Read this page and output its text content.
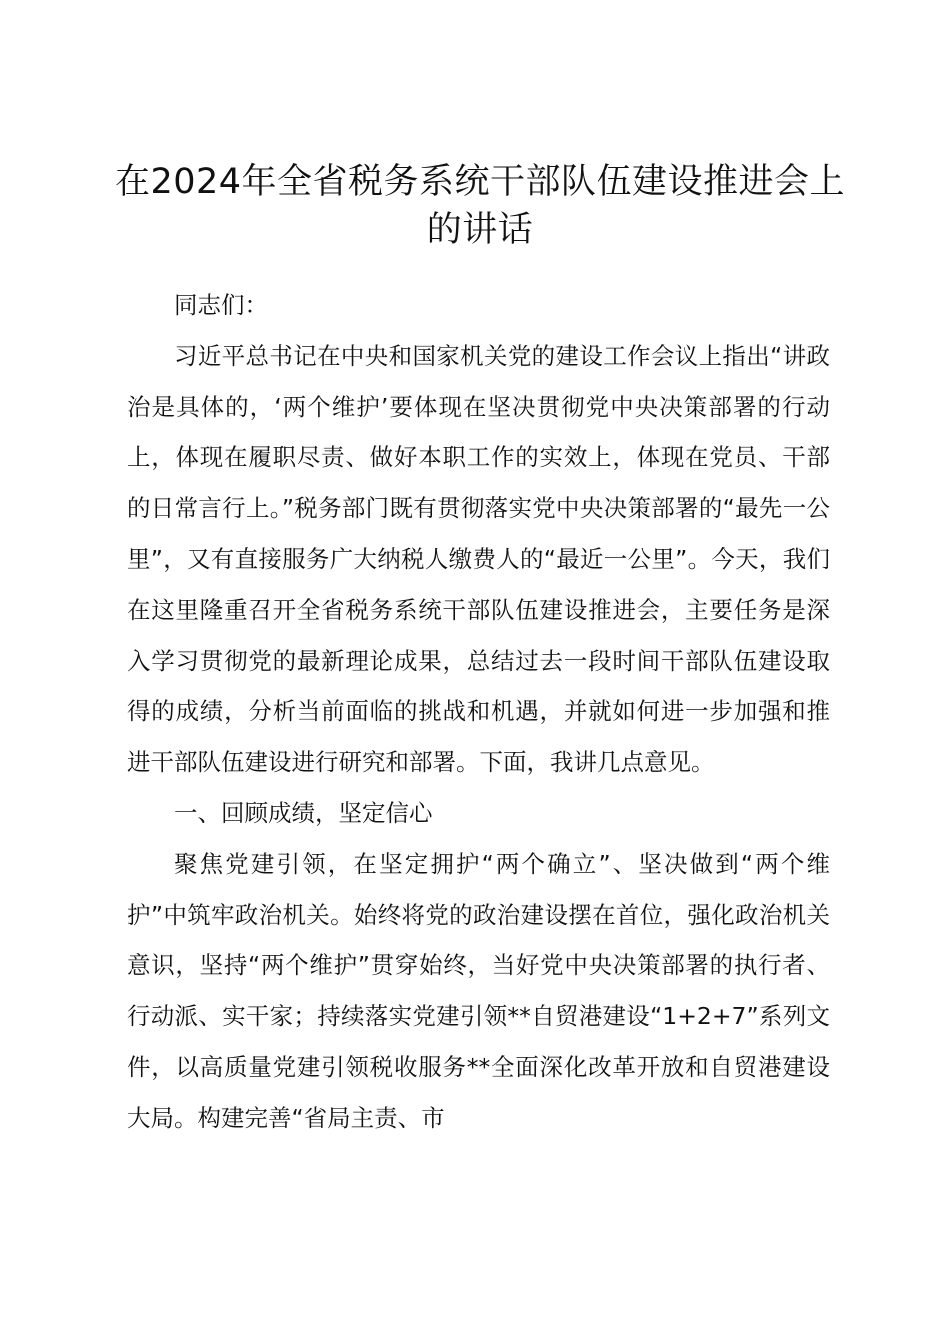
在2024年全省税务系统干部队伍建设推进会上的讲话

同志们：

习近平总书记在中央和国家机关党的建设工作会议上指出“讲政治是具体的，‘两个维护’要体现在坚决贯彻党中央决策部署的行动上，体现在履职尽责、做好本职工作的实效上，体现在党员、干部的日常言行上。”税务部门既有贯彻落实党中央决策部署的“最先一公里”，又有直接服务广大纳税人缴费人的“最近一公里”。今天，我们在这里隆重召开全省税务系统干部队伍建设推进会，主要任务是深入学习贯彻党的最新理论成果，总结过去一段时间干部队伍建设取得的成绩，分析当前面临的挑战和机遇，并就如何进一步加强和推进干部队伍建设进行研究和部署。下面，我讲几点意见。

一、回顾成绩，坚定信心

聚焦党建引领，在坚定拥护“两个确立”、坚决做到“两个维护”中筑牢政治机关。始终将党的政治建设摆在首位，强化政治机关意识，坚持“两个维护”贯穿始终，当好党中央决策部署的执行者、行动派、实干家；持续落实党建引领**自贸港建设“1+2+7”系列文件，以高质量党建引领税收服务**全面深化改革开放和自贸港建设大局。构建完善“省局主责、市
